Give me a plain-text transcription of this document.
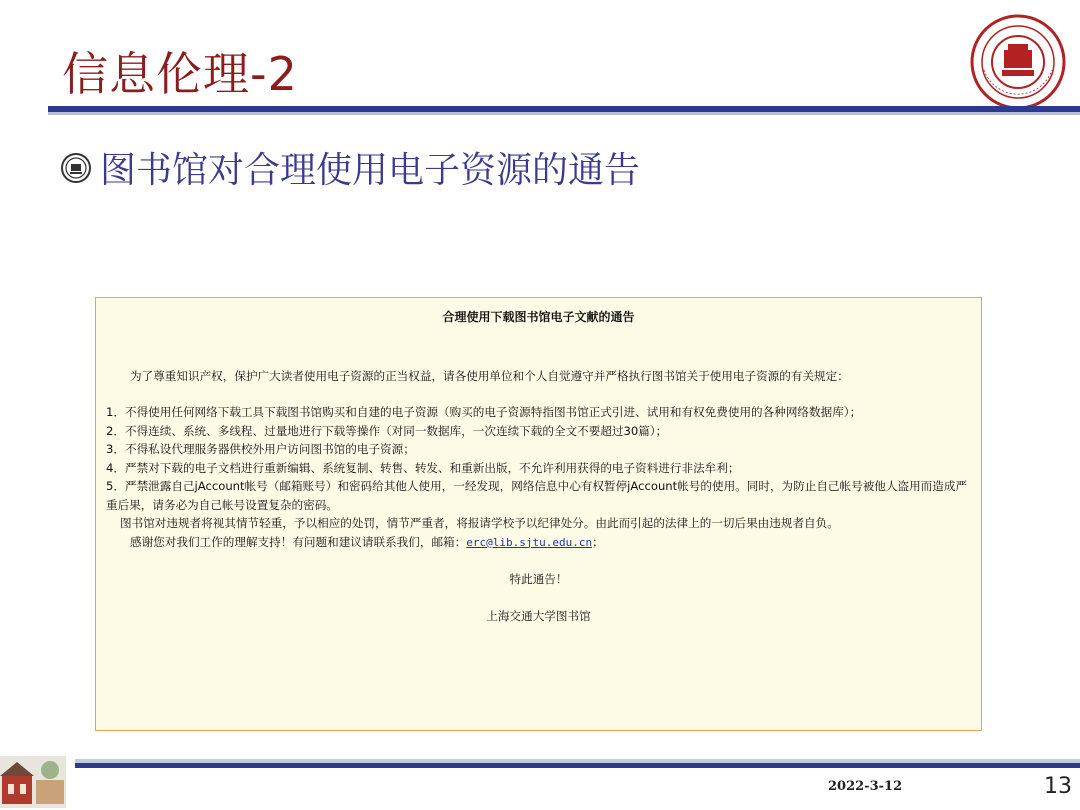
信息伦理-2
图书馆对合理使用电子资源的通告

合理使用下载图书馆电子文献的通告

为了尊重知识产权，保护广大读者使用电子资源的正当权益，请各使用单位和个人自觉遵守并严格执行图书馆关于使用电子资源的有关规定：

1．不得使用任何网络下载工具下载图书馆购买和自建的电子资源（购买的电子资源特指图书馆正式引进、试用和有权免费使用的各种网络数据库）；

2．不得连续、系统、多线程、过量地进行下载等操作（对同一数据库，一次连续下载的全文不要超过30篇）；

3．不得私设代理服务器供校外用户访问图书馆的电子资源；

4．严禁对下载的电子文档进行重新编辑、系统复制、转售、转发、和重新出版，不允许利用获得的电子资料进行非法牟利；

5．严禁泄露自己jAccount帐号（邮箱账号）和密码给其他人使用，一经发现，网络信息中心有权暂停jAccount帐号的使用。同时，为防止自己帐号被他人盗用而造成严重后果，请务必为自己帐号设置复杂的密码。

图书馆对违规者将视其情节轻重，予以相应的处罚，情节严重者，将报请学校予以纪律处分。由此而引起的法律上的一切后果由违规者自负。

感谢您对我们工作的理解支持！有问题和建议请联系我们，邮箱：erc@lib.sjtu.edu.cn；

特此通告！

上海交通大学图书馆

2022-3-12	13
